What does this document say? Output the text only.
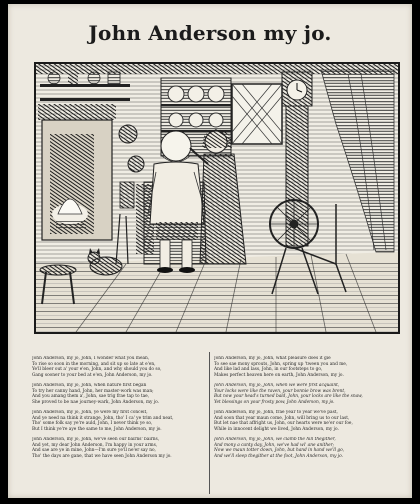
John Anderson my jo.
John Anderson, my jo, John, I wonder what you mean,
To rise so soon in the morning, and sit up so late at e'en,
Ye'll bleer out a' your e'en, John, and why should you do so,
Gang sooner to your bed at e'en, John Anderson, my jo.
John Anderson, my jo, John, when nature first began
To try her canny hand, John, her master-work was man;
And you amang them a', John, sae trig frae tap to tae,
She proved to be nae journey-wark, John Anderson, my jo.
John Anderson, my jo, John, ye were my first conceit,
And ye need na think it strange, John, tho' I ca' ye trim and neat,
Tho' some folk say ye're auld, John, I never think ye so,
But I think ye're aye the same to me, John Anderson, my jo.
John Anderson, my jo, John, we've seen our bairns' bairns,
And yet, my dear John Anderson, I'm happy in your arms,
And sae are ye in mine, John—I'm sure ye'll ne'er say no,
Tho' the days are gane, that we have seen John Anderson my jo.
John Anderson, my jo, John, what pleasure does it gie
To see sae mony sprouts, John, spring up 'tween you and me,
And like lad and lass, John, in our footsteps to go,
Makes perfect heaven here on earth, John Anderson, my jo.
John Anderson, my jo, John, when we were first acquaint,
Your locks were like the raven, your bonnie brow was brent,
But now your head's turned bald, John, your locks are like the snaw,
Yet blessings on your frosty pow, John Anderson, my jo.
John Anderson, my jo, John, frae year to year we've past,
And soon that year maun come, John, will bring us to our last,
But let nae that affright us, John, our hearts were ne'er our foe,
While in innocent delight we lived, John Anderson, my jo.
John Anderson, my jo, John, we clamb the hill thegither,
And mony a canty day, John, we've had wi' ane anither;
Now we maun totter down, John, but hand in hand we'll go,
And we'll sleep thegither at the foot, John Anderson, my jo.
